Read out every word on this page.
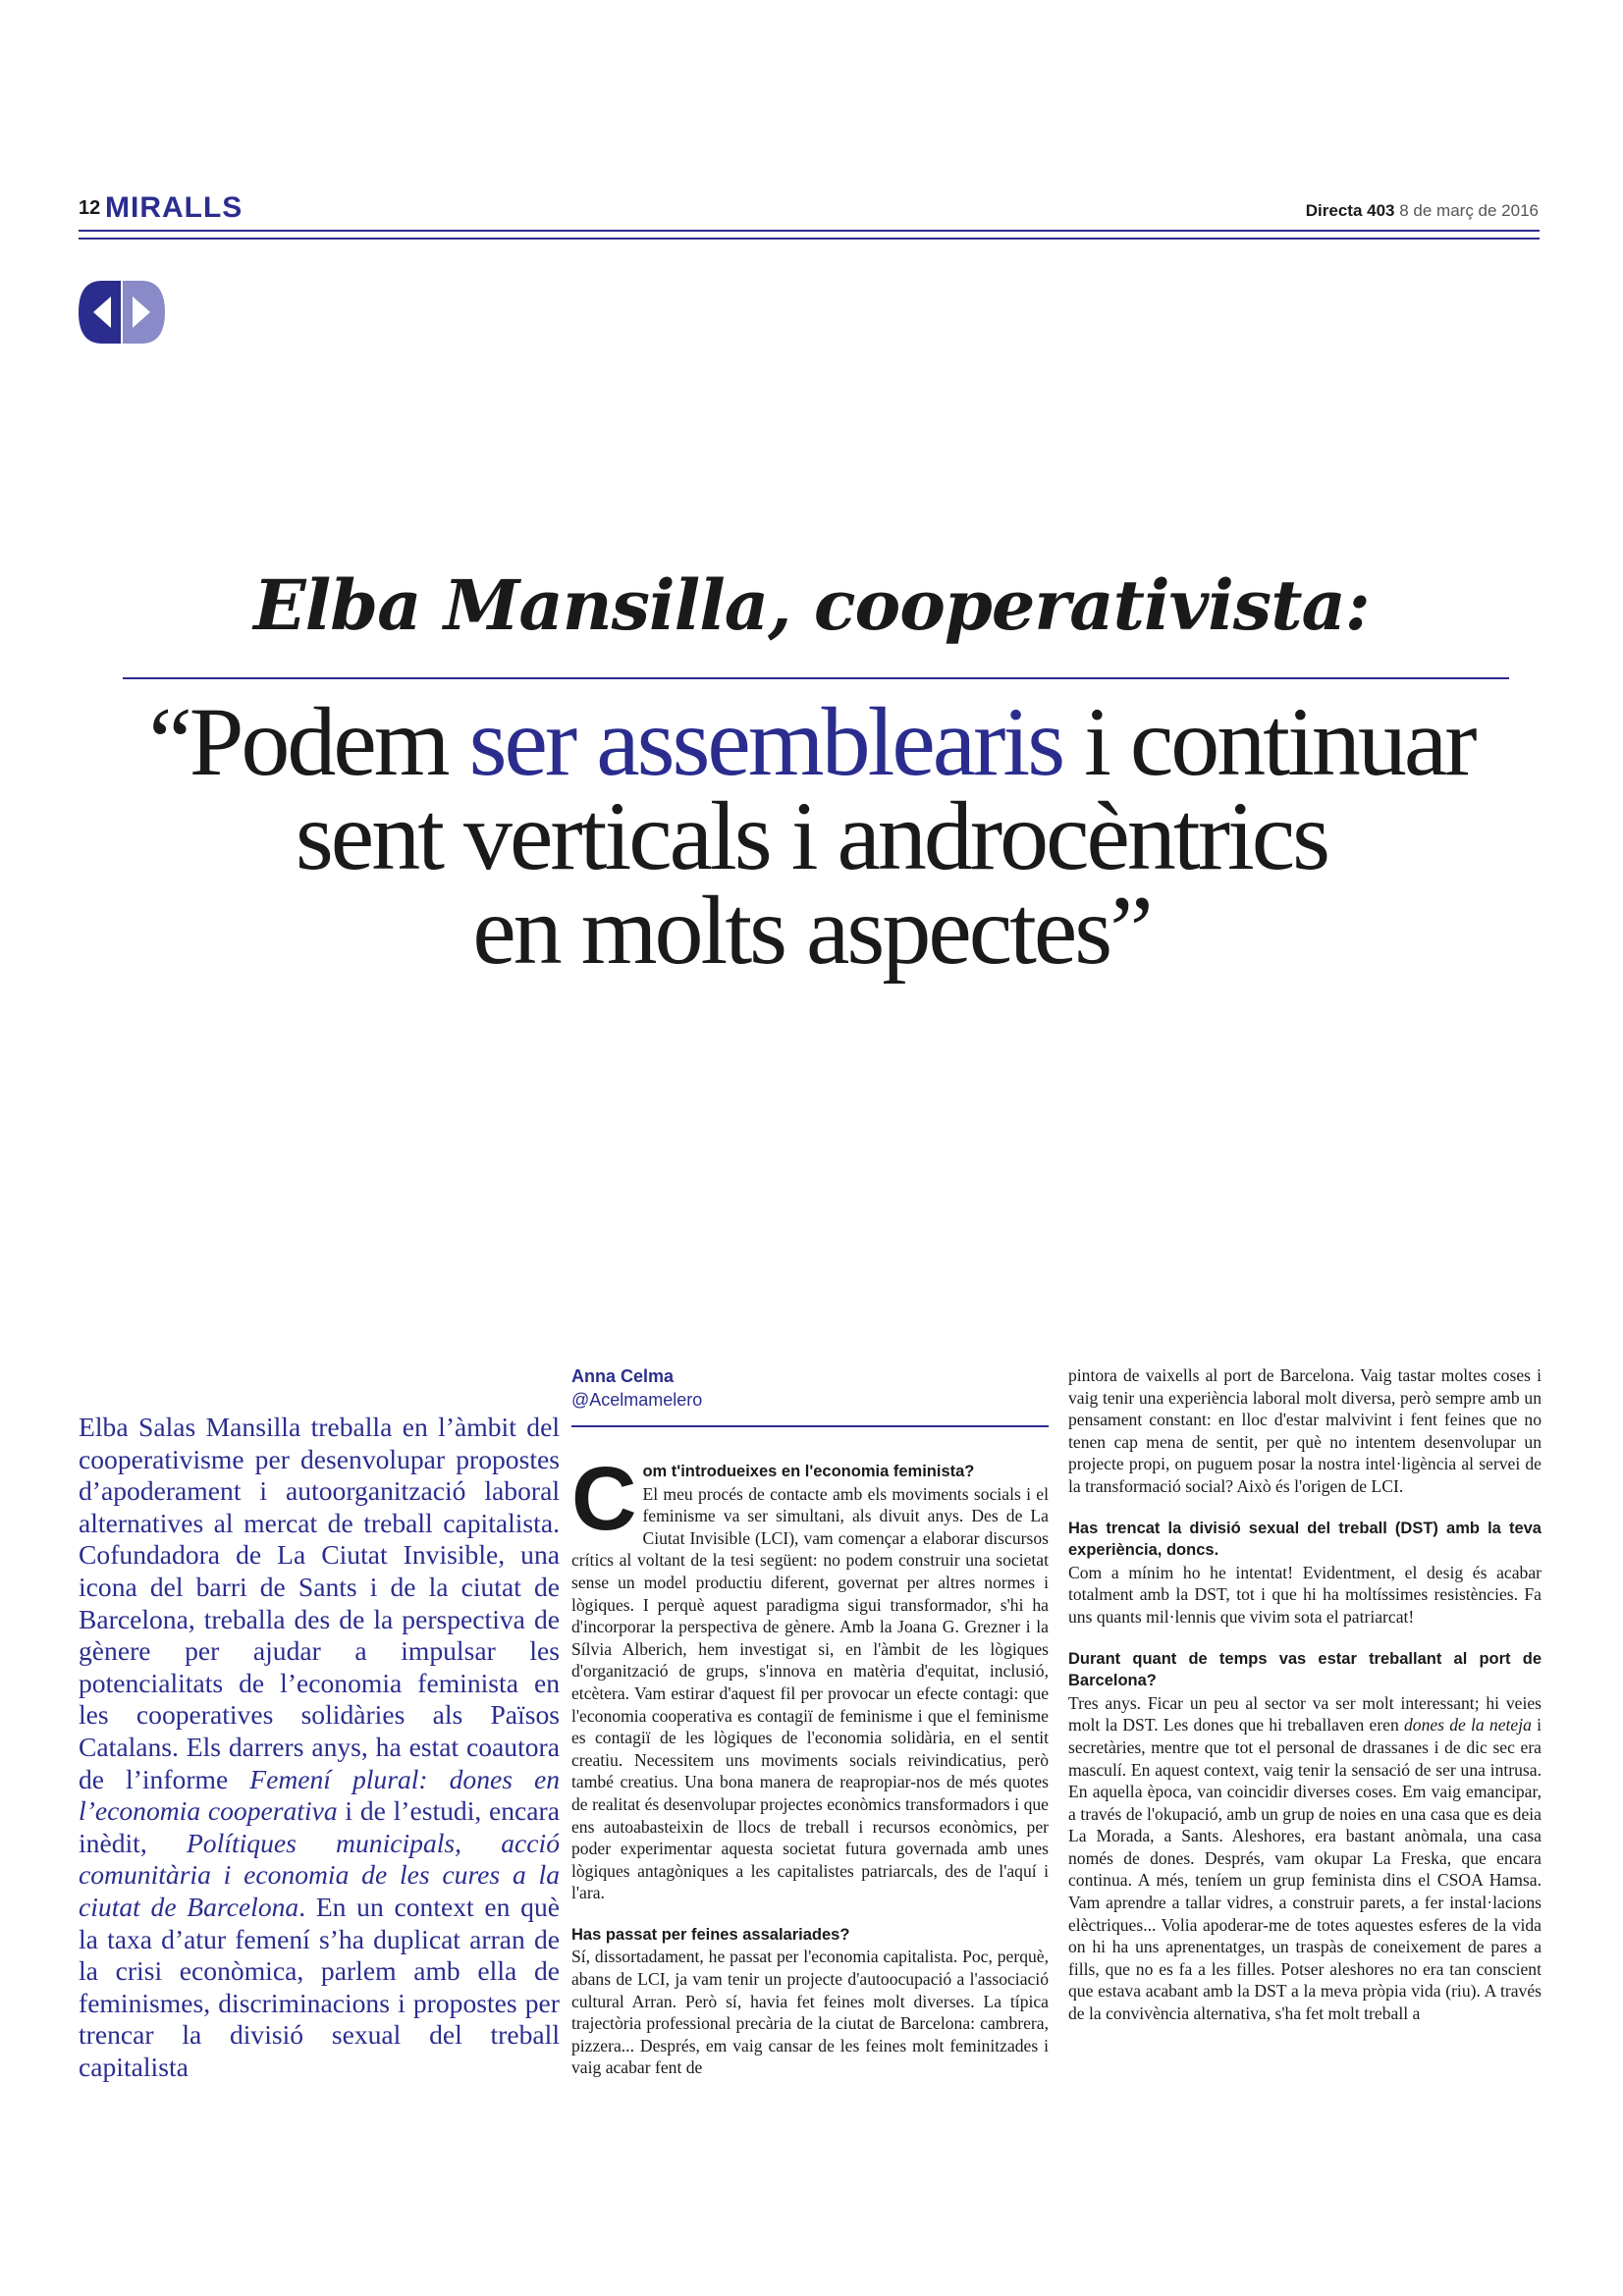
12 MIRALLS	Directa 403 8 de març de 2016
Elba Mansilla, cooperativista:
“Podem ser assemblearis i continuar
sent verticals i androcèntrics
en molts aspectes”
Elba Salas Mansilla treballa en l’àmbit del cooperativisme per desenvolupar propostes d’apoderament i autoorganització laboral alternatives al mercat de treball capitalista. Cofundadora de La Ciutat Invisible, una icona del barri de Sants i de la ciutat de Barcelona, treballa des de la perspectiva de gènere per ajudar a impulsar les potencialitats de l’economia feminista en les cooperatives solidàries als Països Catalans. Els darrers anys, ha estat coautora de l’informe Femení plural: dones en l’economia cooperativa i de l’estudi, encara inèdit, Polítiques municipals, acció comunitària i economia de les cures a la ciutat de Barcelona. En un context en què la taxa d’atur femení s’ha duplicat arran de la crisi econòmica, parlem amb ella de feminismes, discriminacions i propostes per trencar la divisió sexual del treball capitalista
Anna Celma
@Acelmamelero
C om t'introdueixes en l'economia feminista?

El meu procés de contacte amb els moviments socials i el feminisme va ser simultani, als divuit anys. Des de La Ciutat Invisible (LCI), vam començar a elaborar discursos crítics al voltant de la tesi següent: no podem construir una societat sense un model productiu diferent, governat per altres normes i lògiques. I perquè aquest paradigma sigui transformador, s'hi ha d'incorporar la perspectiva de gènere. Amb la Joana G. Grezner i la Sílvia Alberich, hem investigat si, en l'àmbit de les lògiques d'organització de grups, s'innova en matèria d'equitat, inclusió, etcètera. Vam estirar d'aquest fil per provocar un efecte contagi: que l'economia cooperativa es contagiï de feminisme i que el feminisme es contagiï de les lògiques de l'economia solidària, en el sentit creatiu. Necessitem uns moviments socials reivindicatius, però també creatius. Una bona manera de reapropiar-nos de més quotes de realitat és desenvolupar projectes econòmics transformadors i que ens autoabasteixin de llocs de treball i recursos econòmics, per poder experimentar aquesta societat futura governada amb unes lògiques antagòniques a les capitalistes patriarcals, des de l'aquí i l'ara.

Has passat per feines assalariades?

Sí, dissortadament, he passat per l'economia capitalista. Poc, perquè, abans de LCI, ja vam tenir un projecte d'autoocupació a l'associació cultural Arran. Però sí, havia fet feines molt diverses. La típica trajectòria professional precària de la ciutat de Barcelona: cambrera, pizzera... Després, em vaig cansar de les feines molt feminitzades i vaig acabar fent de

pintora de vaixells al port de Barcelona. Vaig tastar moltes coses i vaig tenir una experiència laboral molt diversa, però sempre amb un pensament constant: en lloc d'estar malvivint i fent feines que no tenen cap mena de sentit, per què no intentem desenvolupar un projecte propi, on puguem posar la nostra intel·ligència al servei de la transformació social? Això és l'origen de LCI.

Has trencat la divisió sexual del treball (DST) amb la teva experiència, doncs.

Com a mínim ho he intentat! Evidentment, el desig és acabar totalment amb la DST, tot i que hi ha moltíssimes resistències. Fa uns quants mil·lennis que vivim sota el patriarcat!

Durant quant de temps vas estar treballant al port de Barcelona?

Tres anys. Ficar un peu al sector va ser molt interessant; hi veies molt la DST. Les dones que hi treballaven eren dones de la neteja i secretàries, mentre que tot el personal de drassanes i de dic sec era masculí. En aquest context, vaig tenir la sensació de ser una intrusa. En aquella època, van coincidir diverses coses. Em vaig emancipar, a través de l'okupació, amb un grup de noies en una casa que es deia La Morada, a Sants. Aleshores, era bastant anòmala, una casa només de dones. Després, vam okupar La Freska, que encara continua. A més, teníem un grup feminista dins el CSOA Hamsa. Vam aprendre a tallar vidres, a construir parets, a fer instal·lacions elèctriques... Volia apoderar-me de totes aquestes esferes de la vida on hi ha uns aprenentatges, un traspàs de coneixement de pares a fills, que no es fa a les filles. Potser aleshores no era tan conscient que estava acabant amb la DST a la meva pròpia vida (riu). A través de la convivència alternativa, s'ha fet molt treball a
